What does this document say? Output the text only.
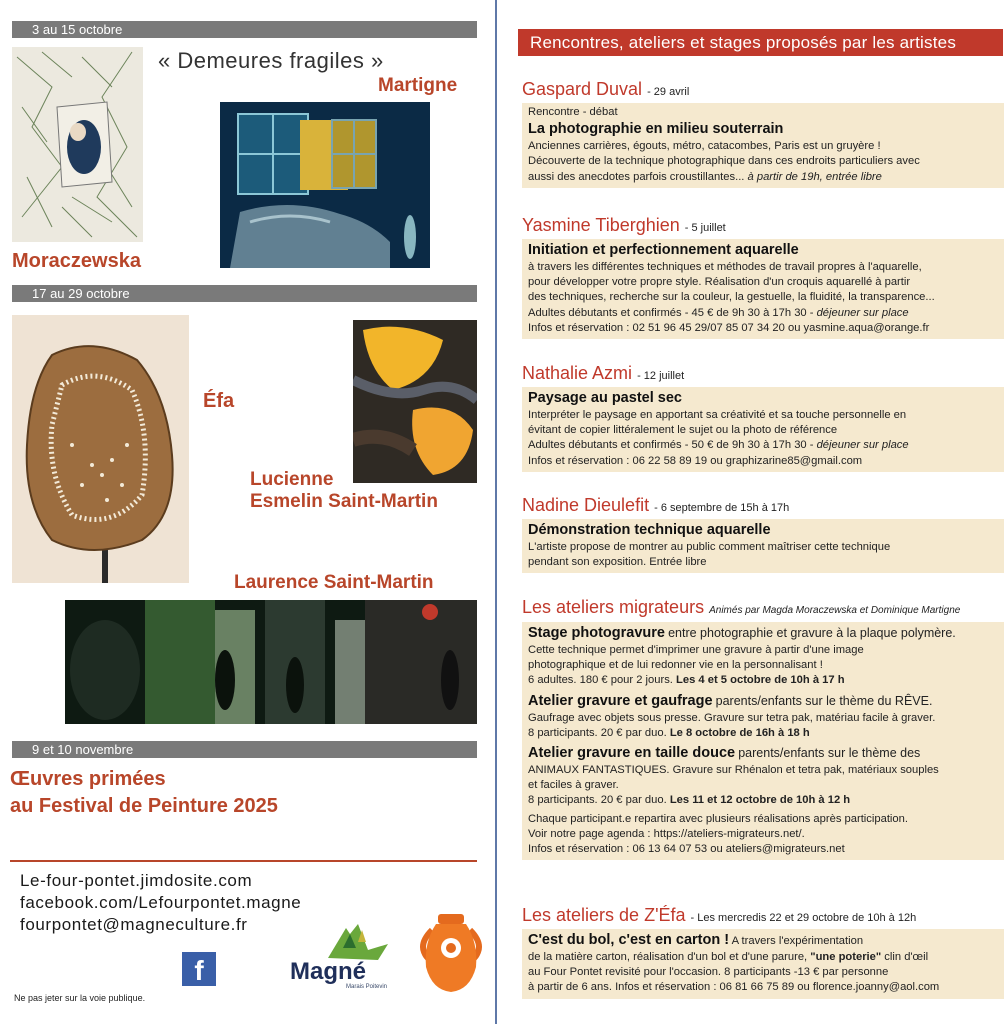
3 au 15 octobre
« Demeures fragiles »
Martigne
Moraczewska
17 au 29 octobre
Éfa
Lucienne
Esmelin Saint-Martin
Laurence Saint-Martin
9 et 10 novembre
Œuvres primées
au Festival de Peinture 2025
Le-four-pontet.jimdosite.com
facebook.com/Lefourpontet.magne
fourpontet@magneculture.fr
f	Magné
Marais Poitevin
Ne pas jeter sur la voie publique.
Rencontres, ateliers et stages proposés par les artistes
Gaspard Duval - 29 avril

Rencontre - débat

La photographie en milieu souterrain

Anciennes carrières, égouts, métro, catacombes, Paris est un gruyère !

Découverte de la technique photographique dans ces endroits particuliers avec

aussi des anecdotes parfois croustillantes... à partir de 19h, entrée libre

Yasmine Tiberghien - 5 juillet

Initiation et perfectionnement aquarelle

à travers les différentes techniques et méthodes de travail propres à l'aquarelle,

pour développer votre propre style. Réalisation d'un croquis aquarellé à partir

des techniques, recherche sur la couleur, la gestuelle, la fluidité, la transparence...

Adultes débutants et confirmés - 45 € de 9h 30 à 17h 30 - déjeuner sur place

Infos et réservation : 02 51 96 45 29/07 85 07 34 20 ou yasmine.aqua@orange.fr

Nathalie Azmi - 12 juillet

Paysage au pastel sec

Interpréter le paysage en apportant sa créativité et sa touche personnelle en

évitant de copier littéralement le sujet ou la photo de référence

Adultes débutants et confirmés - 50 € de 9h 30 à 17h 30 - déjeuner sur place

Infos et réservation : 06 22 58 89 19 ou graphizarine85@gmail.com

Nadine Dieulefit - 6 septembre de 15h à 17h

Démonstration technique aquarelle

L'artiste propose de montrer au public comment maîtriser cette technique

pendant son exposition. Entrée libre

Les ateliers migrateurs Animés par Magda Moraczewska et Dominique Martigne

Stage photogravure entre photographie et gravure à la plaque polymère.

Cette technique permet d'imprimer une gravure à partir d'une image

photographique et de lui redonner vie en la personnalisant !

6 adultes. 180 € pour 2 jours. Les 4 et 5 octobre de 10h à 17 h

Atelier gravure et gaufrage parents/enfants sur le thème du RÊVE.

Gaufrage avec objets sous presse. Gravure sur tetra pak, matériau facile à graver.

8 participants. 20 € par duo. Le 8 octobre de 16h à 18 h

Atelier gravure en taille douce parents/enfants sur le thème des

ANIMAUX FANTASTIQUES. Gravure sur Rhénalon et tetra pak, matériaux souples

et faciles à graver.

8 participants. 20 € par duo. Les 11 et 12 octobre de 10h à 12 h

Chaque participant.e repartira avec plusieurs réalisations après participation.

Voir notre page agenda : https://ateliers-migrateurs.net/.

Infos et réservation : 06 13 64 07 53 ou ateliers@migrateurs.net

Les ateliers de Z'Éfa - Les mercredis 22 et 29 octobre de 10h à 12h

C'est du bol, c'est en carton ! A travers l'expérimentation

de la matière carton, réalisation d'un bol et d'une parure, "une poterie" clin d'œil

au Four Pontet revisité pour l'occasion. 8 participants -13 € par personne

à partir de 6 ans. Infos et réservation : 06 81 66 75 89 ou florence.joanny@aol.com
